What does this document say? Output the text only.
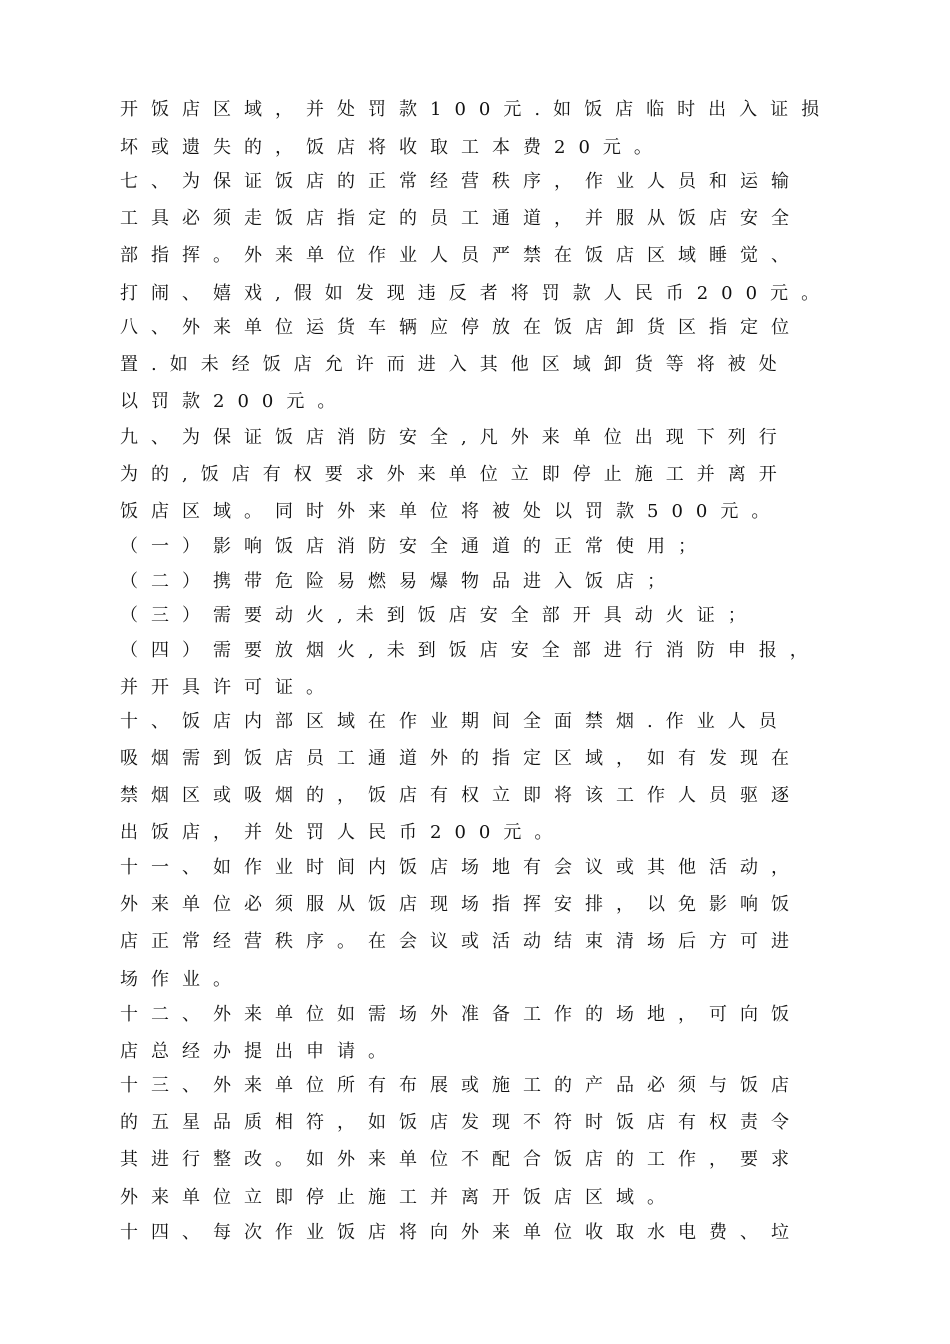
开饭店区域，并处罚款100元.如饭店临时出入证损
坏或遗失的，饭店将收取工本费20元。
七、为保证饭店的正常经营秩序，作业人员和运输
工具必须走饭店指定的员工通道，并服从饭店安全
部指挥。外来单位作业人员严禁在饭店区域睡觉、
打闹、嬉戏,假如发现违反者将罚款人民币200元。
八、外来单位运货车辆应停放在饭店卸货区指定位
置.如未经饭店允许而进入其他区域卸货等将被处
以罚款200元。
九、为保证饭店消防安全,凡外来单位出现下列行
为的,饭店有权要求外来单位立即停止施工并离开
饭店区域。同时外来单位将被处以罚款500元。
（一）影响饭店消防安全通道的正常使用；
（二）携带危险易燃易爆物品进入饭店；
（三）需要动火,未到饭店安全部开具动火证；
（四）需要放烟火,未到饭店安全部进行消防申报，
并开具许可证。
十、饭店内部区域在作业期间全面禁烟.作业人员
吸烟需到饭店员工通道外的指定区域，如有发现在
禁烟区或吸烟的，饭店有权立即将该工作人员驱逐
出饭店，并处罚人民币200元。
十一、如作业时间内饭店场地有会议或其他活动，
外来单位必须服从饭店现场指挥安排，以免影响饭
店正常经营秩序。在会议或活动结束清场后方可进
场作业。
十二、外来单位如需场外准备工作的场地，可向饭
店总经办提出申请。
十三、外来单位所有布展或施工的产品必须与饭店
的五星品质相符，如饭店发现不符时饭店有权责令
其进行整改。如外来单位不配合饭店的工作，要求
外来单位立即停止施工并离开饭店区域。
十四、每次作业饭店将向外来单位收取水电费、垃
